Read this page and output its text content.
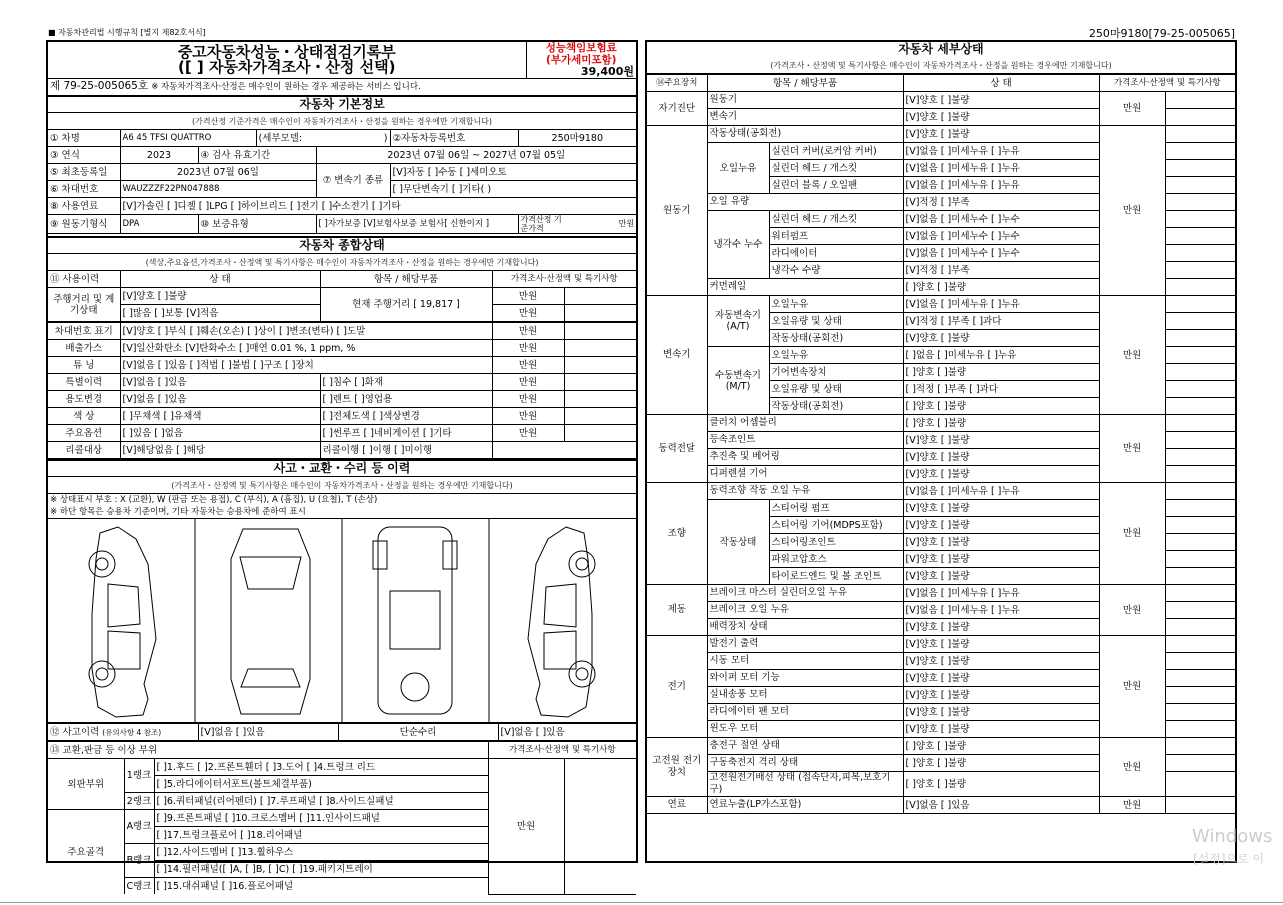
■ 자동차관리법 시행규칙 [별지 제82호서식]	250마9180[79-25-005065]
중고자동차성능・상태점검기록부
([ ] 자동차가격조사・산정 선택)

성능책임보험료
(부가세미포함)
39,400원

제 79-25-005065호 ※ 자동차가격조사·산정은 매수인이 원하는 경우 제공하는 서비스 입니다.
자동차 기본정보						
(가격산정 기준가격은 매수인이 자동차가격조사・산정을 원하는 경우에만 기재합니다)						
① 차명	A6 45 TFSI QUATTRO		(세부모델: )		②자동차등록번호	250마9180
③ 연식	2023	④ 검사 유효기간		2023년 07월 06일 ~ 2027년 07월 05일		
⑤ 최초등록일	2023년 07월 06일			⑦ 변속기 종류	[V]자동 [ ]수동 [ ]세미오토	
⑥ 차대번호	WAUZZZF22PN047888				[ ]무단변속기 [ ]기타( )	
⑧ 사용연료	[V]가솔린 [ ]디젤 [ ]LPG [ ]하이브리드 [ ]전기 [ ]수소전기 [ ]기타					
⑨ 원동기형식	DPA	⑩ 보증유형		[ ]자가보증 [V]보험사보증 보험사[ 신한이지 ]		가격산정 기준가격
만원
자동차 종합상태				
(색상,주요옵션,가격조사・산정액 및 특기사항은 매수인이 자동차가격조사・산정을 원하는 경우에만 기재합니다)				
⑪ 사용이력	상 태	항목 / 해당부품	가격조사·산정액 및 특기사항	
주행거리 및 계기상태	[V]양호 [ ]불량	현재 주행거리 [ 19,817 ]	만원	
	[ ]많음 [ ]보통 [V]적음		만원	
차대번호 표기	[V]양호 [ ]부식 [ ]훼손(오손) [ ]상이 [ ]변조(변타) [ ]도말		만원	
배출가스	[V]일산화탄소 [V]탄화수소 [ ]매연 0.01 %, 1 ppm, %		만원	
튜 닝	[V]없음 [ ]있음 [ ]적법 [ ]불법 [ ]구조 [ ]장치		만원	
특별이력	[V]없음 [ ]있음	[ ]침수 [ ]화재	만원	
용도변경	[V]없음 [ ]있음	[ ]렌트 [ ]영업용	만원	
색 상	[ ]무채색 [ ]유채색	[ ]전체도색 [ ]색상변경	만원	
주요옵션	[ ]있음 [ ]없음	[ ]썬루프 [ ]네비게이션 [ ]기타	만원	
리콜대상	[V]해당없음 [ ]해당	리콜이행 [ ]이행 [ ]미이행		
사고・교환・수리 등 이력
(가격조사・산정액 및 특기사항은 매수인이 자동차가격조사・산정을 원하는 경우에만 기재합니다)
※ 상태표시 부호 : X (교환), W (판금 또는 용접), C (부식), A (흠집), U (요철), T (손상)
※ 하단 항목은 승용차 기준이며, 기타 자동차는 승용차에 준하여 표시
⑫ 사고이력 (유의사항 4 참조)	[V]없음 [ ]있음	단순수리	[V]없음 [ ]있음
⑬ 교환,판금 등 이상 부위			가격조사·산정액 및 특기사항	
외판부위	1랭크	[ ]1.후드 [ ]2.프론트휀더 [ ]3.도어 [ ]4.트렁크 리드	만원	
		[ ]5.라디에이터서포트(볼트체결부품)		
	2랭크	[ ]6.쿼터패널(리어펜더) [ ]7.루프패널 [ ]8.사이드실패널		
주요골격	A랭크	[ ]9.프론트패널 [ ]10.크로스멤버 [ ]11.인사이드패널		
		[ ]17.트렁크플로어 [ ]18.리어패널		
	B랭크	[ ]12.사이드멤버 [ ]13.휠하우스		
		[ ]14.필러패널([ ]A, [ ]B, [ ]C) [ ]19.패키지트레이		
	C랭크	[ ]15.대쉬패널 [ ]16.플로어패널		
자동차 세부상태
(가격조사・산정액 및 특기사항은 매수인이 자동차가격조사・산정을 원하는 경우에만 기재합니다)
⑭주요장치	항목 / 해당부품		상 태	가격조사·산정액 및 특기사항	
자기진단	원동기		[V]양호 [ ]불량	만원	
	변속기		[V]양호 [ ]불량		
원동기	작동상태(공회전)		[V]양호 [ ]불량	만원	
	오일누유	실린더 커버(로커암 커버)	[V]없음 [ ]미세누유 [ ]누유		
		실린더 헤드 / 개스킷	[V]없음 [ ]미세누유 [ ]누유		
		실린더 블록 / 오일팬	[V]없음 [ ]미세누유 [ ]누유		
	오일 유량		[V]적정 [ ]부족		
	냉각수 누수	실린더 헤드 / 개스킷	[V]없음 [ ]미세누수 [ ]누수		
		워터펌프	[V]없음 [ ]미세누수 [ ]누수		
		라디에이터	[V]없음 [ ]미세누수 [ ]누수		
		냉각수 수량	[V]적정 [ ]부족		
	커먼레일		[ ]양호 [ ]불량		
변속기	자동변속기 (A/T)	오일누유	[V]없음 [ ]미세누유 [ ]누유	만원	
		오일유량 및 상태	[V]적정 [ ]부족 [ ]과다		
		작동상태(공회전)	[V]양호 [ ]불량		
	수동변속기 (M/T)	오일누유	[ ]없음 [ ]미세누유 [ ]누유		
		기어변속장치	[ ]양호 [ ]불량		
		오일유량 및 상태	[ ]적정 [ ]부족 [ ]과다		
		작동상태(공회전)	[ ]양호 [ ]불량		
동력전달	클러치 어셈블리		[ ]양호 [ ]불량	만원	
	등속조인트		[V]양호 [ ]불량		
	추진축 및 베어링		[V]양호 [ ]불량		
	디퍼렌셜 기어		[V]양호 [ ]불량		
조향	동력조향 작동 오일 누유		[V]없음 [ ]미세누유 [ ]누유	만원	
	작동상태	스티어링 펌프	[V]양호 [ ]불량		
		스티어링 기어(MDPS포함)	[V]양호 [ ]불량		
		스티어링조인트	[V]양호 [ ]불량		
		파워고압호스	[V]양호 [ ]불량		
		타이로드엔드 및 볼 조인트	[V]양호 [ ]불량		
제동	브레이크 마스터 실린더오일 누유		[V]없음 [ ]미세누유 [ ]누유	만원	
	브레이크 오일 누유		[V]없음 [ ]미세누유 [ ]누유		
	배력장치 상태		[V]양호 [ ]불량		
전기	발전기 출력		[V]양호 [ ]불량	만원	
	시동 모터		[V]양호 [ ]불량		
	와이퍼 모터 기능		[V]양호 [ ]불량		
	실내송풍 모터		[V]양호 [ ]불량		
	라디에이터 팬 모터		[V]양호 [ ]불량		
	윈도우 모터		[V]양호 [ ]불량		
고전원 전기장치	충전구 절연 상태		[ ]양호 [ ]불량	만원	
	구동축전지 격리 상태		[ ]양호 [ ]불량		
	고전원전기배선 상태 (접속단자,피복,보호기구)		[ ]양호 [ ]불량		
연료	연료누출(LP가스포함)		[V]없음 [ ]있음	만원	
Windows
[설정]으로 이
